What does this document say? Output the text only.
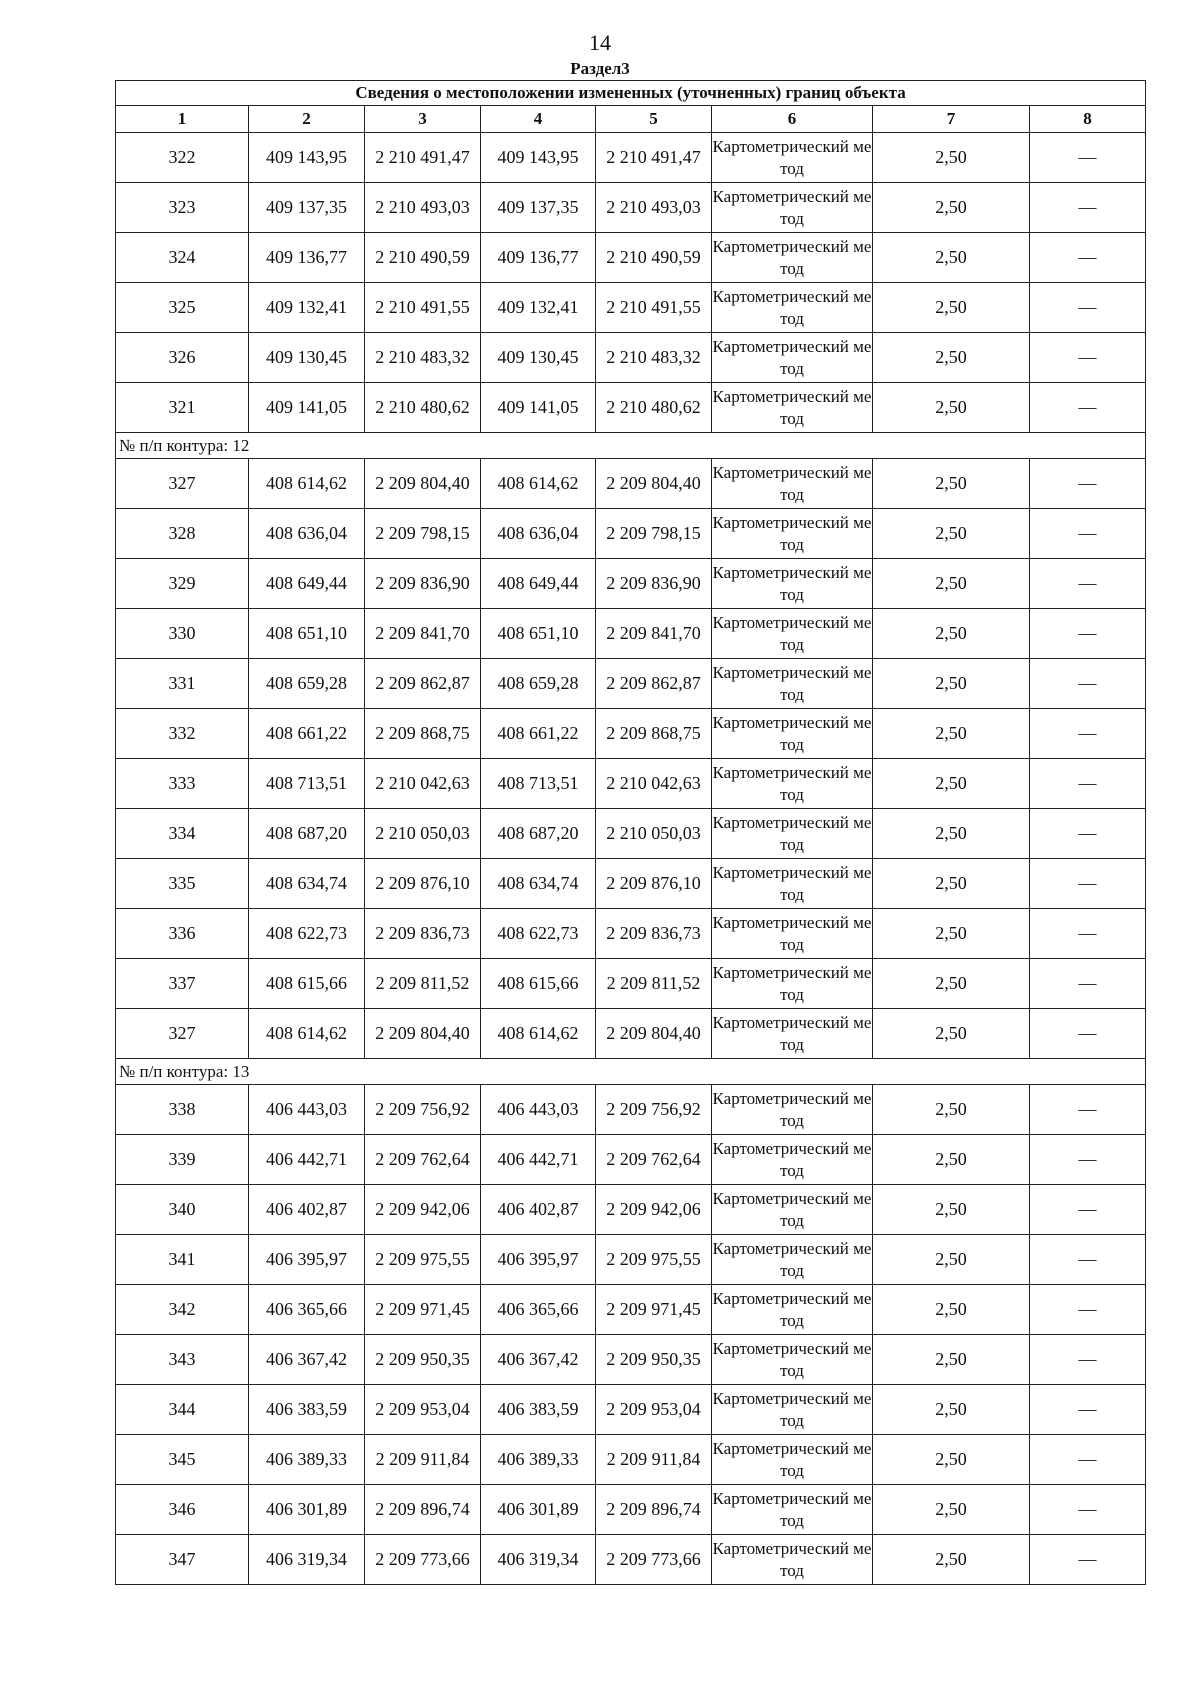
14
Раздел3
Сведения о местоположении измененных (уточненных) границ объекта							
1	2	3	4	5	6	7	8
322	409 143,95	2 210 491,47	409 143,95	2 210 491,47	Картометрический метод	2,50	—
323	409 137,35	2 210 493,03	409 137,35	2 210 493,03	Картометрический метод	2,50	—
324	409 136,77	2 210 490,59	409 136,77	2 210 490,59	Картометрический метод	2,50	—
325	409 132,41	2 210 491,55	409 132,41	2 210 491,55	Картометрический метод	2,50	—
326	409 130,45	2 210 483,32	409 130,45	2 210 483,32	Картометрический метод	2,50	—
321	409 141,05	2 210 480,62	409 141,05	2 210 480,62	Картометрический метод	2,50	—
№ п/п контура: 12							
327	408 614,62	2 209 804,40	408 614,62	2 209 804,40	Картометрический метод	2,50	—
328	408 636,04	2 209 798,15	408 636,04	2 209 798,15	Картометрический метод	2,50	—
329	408 649,44	2 209 836,90	408 649,44	2 209 836,90	Картометрический метод	2,50	—
330	408 651,10	2 209 841,70	408 651,10	2 209 841,70	Картометрический метод	2,50	—
331	408 659,28	2 209 862,87	408 659,28	2 209 862,87	Картометрический метод	2,50	—
332	408 661,22	2 209 868,75	408 661,22	2 209 868,75	Картометрический метод	2,50	—
333	408 713,51	2 210 042,63	408 713,51	2 210 042,63	Картометрический метод	2,50	—
334	408 687,20	2 210 050,03	408 687,20	2 210 050,03	Картометрический метод	2,50	—
335	408 634,74	2 209 876,10	408 634,74	2 209 876,10	Картометрический метод	2,50	—
336	408 622,73	2 209 836,73	408 622,73	2 209 836,73	Картометрический метод	2,50	—
337	408 615,66	2 209 811,52	408 615,66	2 209 811,52	Картометрический метод	2,50	—
327	408 614,62	2 209 804,40	408 614,62	2 209 804,40	Картометрический метод	2,50	—
№ п/п контура: 13							
338	406 443,03	2 209 756,92	406 443,03	2 209 756,92	Картометрический метод	2,50	—
339	406 442,71	2 209 762,64	406 442,71	2 209 762,64	Картометрический метод	2,50	—
340	406 402,87	2 209 942,06	406 402,87	2 209 942,06	Картометрический метод	2,50	—
341	406 395,97	2 209 975,55	406 395,97	2 209 975,55	Картометрический метод	2,50	—
342	406 365,66	2 209 971,45	406 365,66	2 209 971,45	Картометрический метод	2,50	—
343	406 367,42	2 209 950,35	406 367,42	2 209 950,35	Картометрический метод	2,50	—
344	406 383,59	2 209 953,04	406 383,59	2 209 953,04	Картометрический метод	2,50	—
345	406 389,33	2 209 911,84	406 389,33	2 209 911,84	Картометрический метод	2,50	—
346	406 301,89	2 209 896,74	406 301,89	2 209 896,74	Картометрический метод	2,50	—
347	406 319,34	2 209 773,66	406 319,34	2 209 773,66	Картометрический метод	2,50	—
